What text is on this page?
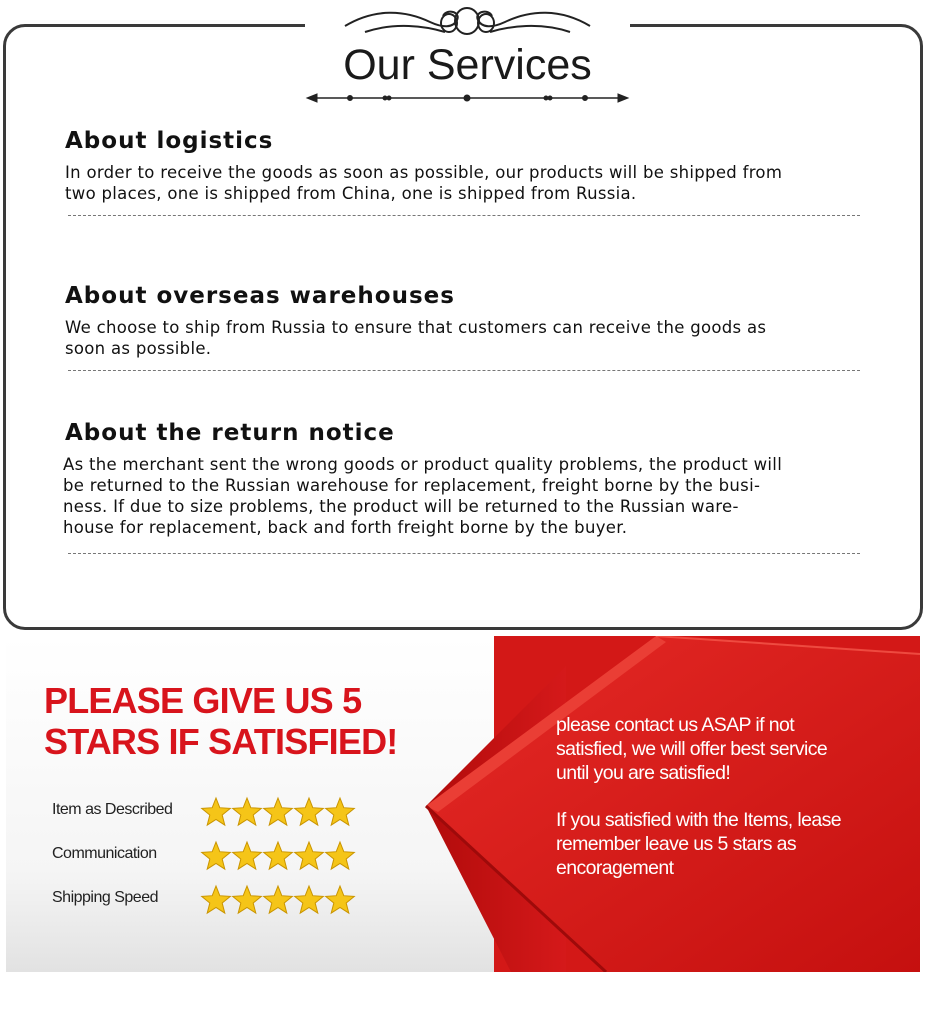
Our Services
About logistics

In order to receive the goods as soon as possible, our products will be shipped from
two places, one is shipped from China, one is shipped from Russia.

About overseas warehouses

We choose to ship from Russia to ensure that customers can receive the goods as
soon as possible.

About the return notice

As the merchant sent the wrong goods or product quality problems, the product will
be returned to the Russian warehouse for replacement, freight borne by the busi-
ness. If due to size problems, the product will be returned to the Russian ware-
house for replacement, back and forth freight borne by the buyer.

PLEASE GIVE US 5
STARS IF SATISFIED!
Item as Described
Communication
Shipping Speed
please contact us ASAP if not
satisfied, we will offer best service
until you are satisfied!
If you satisfied with the Items, lease
remember leave us 5 stars as
encoragement
